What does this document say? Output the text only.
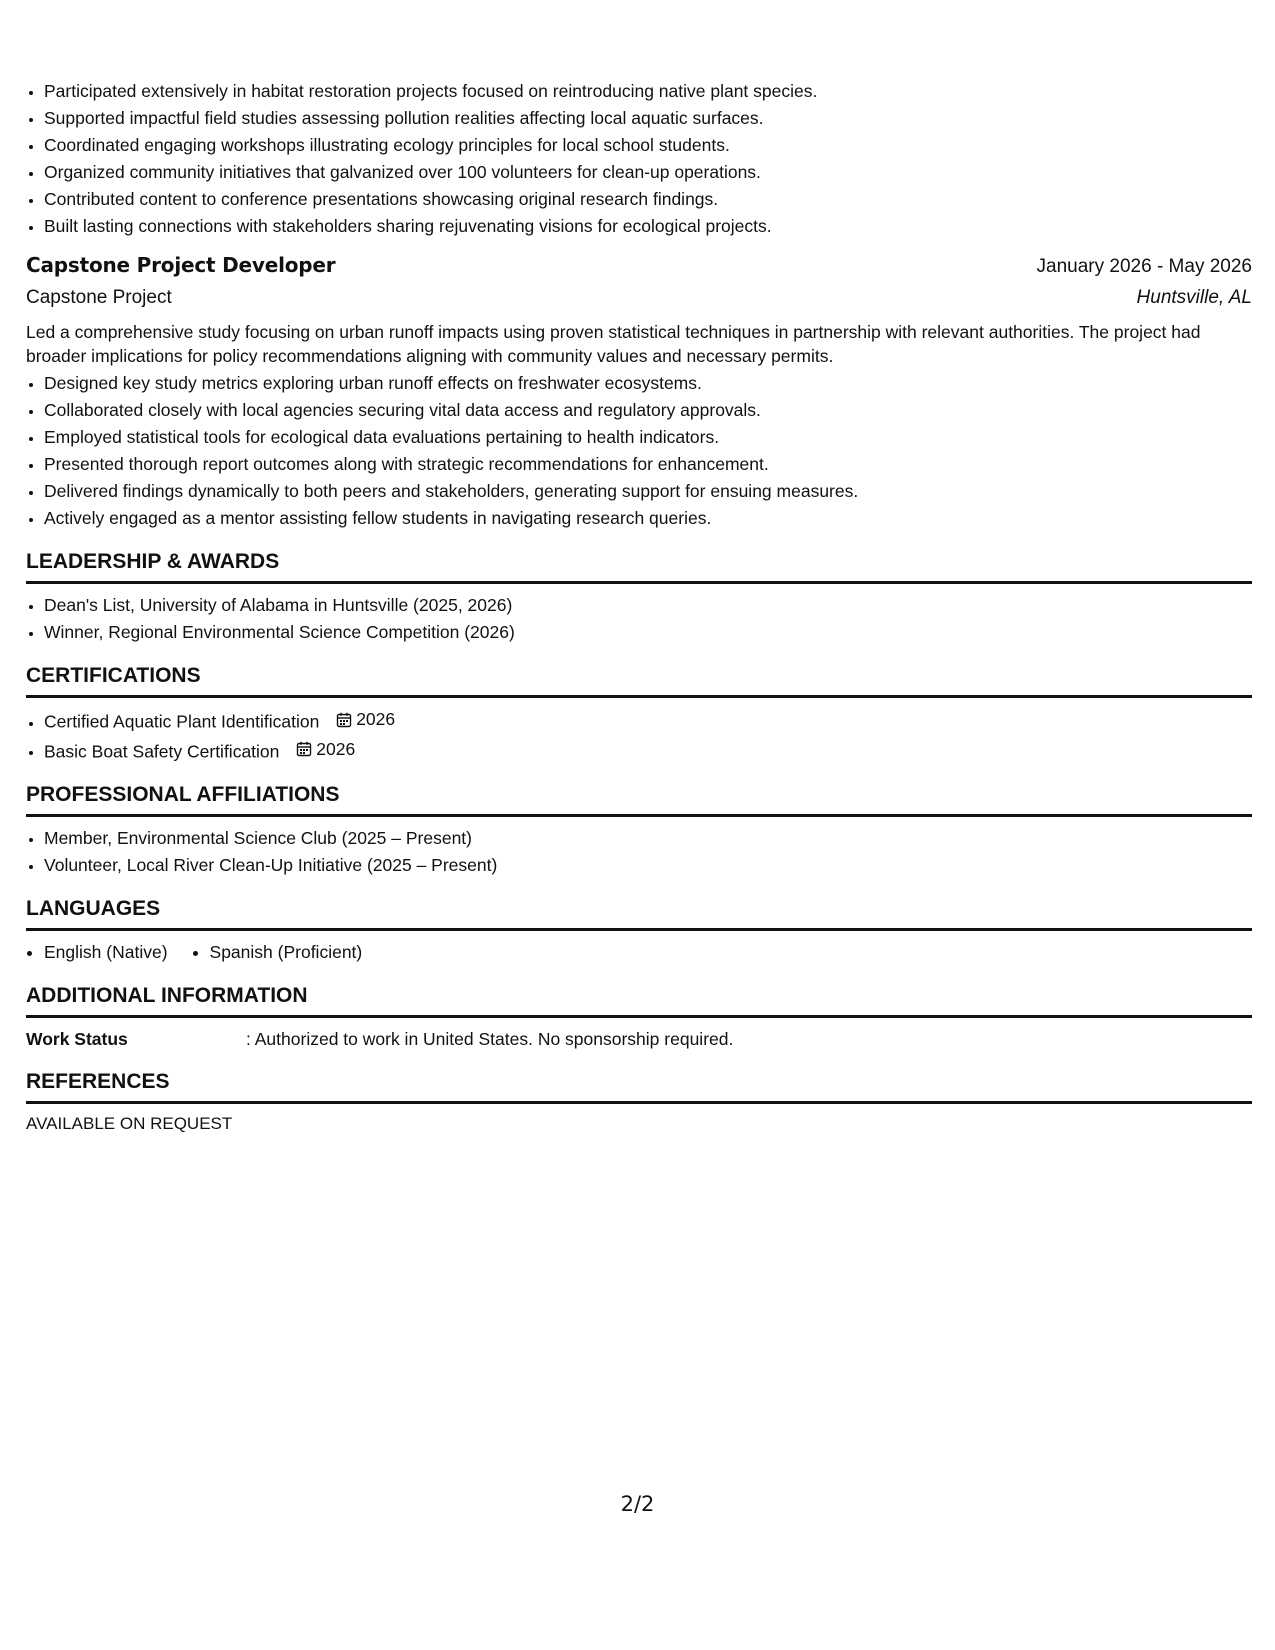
• Participated extensively in habitat restoration projects focused on reintroducing native plant species.
• Supported impactful field studies assessing pollution realities affecting local aquatic surfaces.
• Coordinated engaging workshops illustrating ecology principles for local school students.
• Organized community initiatives that galvanized over 100 volunteers for clean-up operations.
• Contributed content to conference presentations showcasing original research findings.
• Built lasting connections with stakeholders sharing rejuvenating visions for ecological projects.
Capstone Project Developer	January 2026 - May 2026
Capstone Project	Huntsville, AL
Led a comprehensive study focusing on urban runoff impacts using proven statistical techniques in partnership with relevant authorities. The project had broader implications for policy recommendations aligning with community values and necessary permits.
• Designed key study metrics exploring urban runoff effects on freshwater ecosystems.
• Collaborated closely with local agencies securing vital data access and regulatory approvals.
• Employed statistical tools for ecological data evaluations pertaining to health indicators.
• Presented thorough report outcomes along with strategic recommendations for enhancement.
• Delivered findings dynamically to both peers and stakeholders, generating support for ensuing measures.
• Actively engaged as a mentor assisting fellow students in navigating research queries.
LEADERSHIP & AWARDS
• Dean's List, University of Alabama in Huntsville (2025, 2026)
• Winner, Regional Environmental Science Competition (2026)
CERTIFICATIONS
• Certified Aquatic Plant Identification 2026
• Basic Boat Safety Certification 2026
PROFESSIONAL AFFILIATIONS
• Member, Environmental Science Club (2025 – Present)
• Volunteer, Local River Clean-Up Initiative (2025 – Present)
LANGUAGES
• English (Native)
• Spanish (Proficient)
ADDITIONAL INFORMATION
Work Status	: Authorized to work in United States. No sponsorship required.
REFERENCES
AVAILABLE ON REQUEST
2/2
